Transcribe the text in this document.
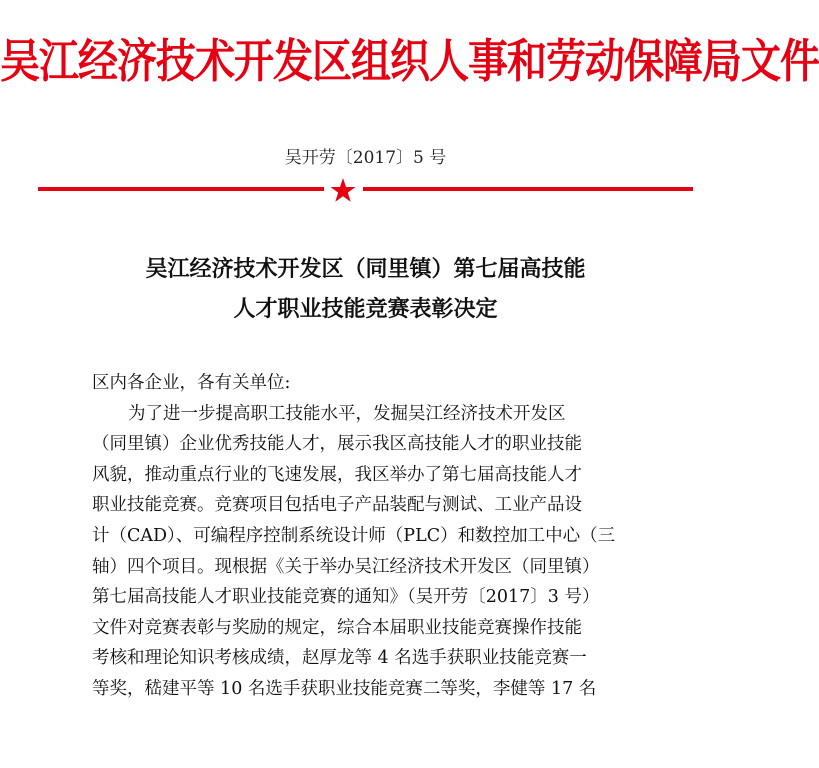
吴江经济技术开发区组织人事和劳动保障局文件
吴开劳〔2017〕5 号
吴江经济技术开发区（同里镇）第七届高技能
人才职业技能竞赛表彰决定
区内各企业，各有关单位:
为了进一步提高职工技能水平，发掘吴江经济技术开发区
（同里镇）企业优秀技能人才，展示我区高技能人才的职业技能
风貌，推动重点行业的飞速发展，我区举办了第七届高技能人才
职业技能竞赛。竞赛项目包括电子产品装配与测试、工业产品设
计（CAD）、可编程序控制系统设计师（PLC）和数控加工中心（三
轴）四个项目。现根据《关于举办吴江经济技术开发区（同里镇）
第七届高技能人才职业技能竞赛的通知》（吴开劳〔2017〕3 号）
文件对竞赛表彰与奖励的规定，综合本届职业技能竞赛操作技能
考核和理论知识考核成绩，赵厚龙等 4 名选手获职业技能竞赛一
等奖，嵇建平等 10 名选手获职业技能竞赛二等奖，李健等 17 名
